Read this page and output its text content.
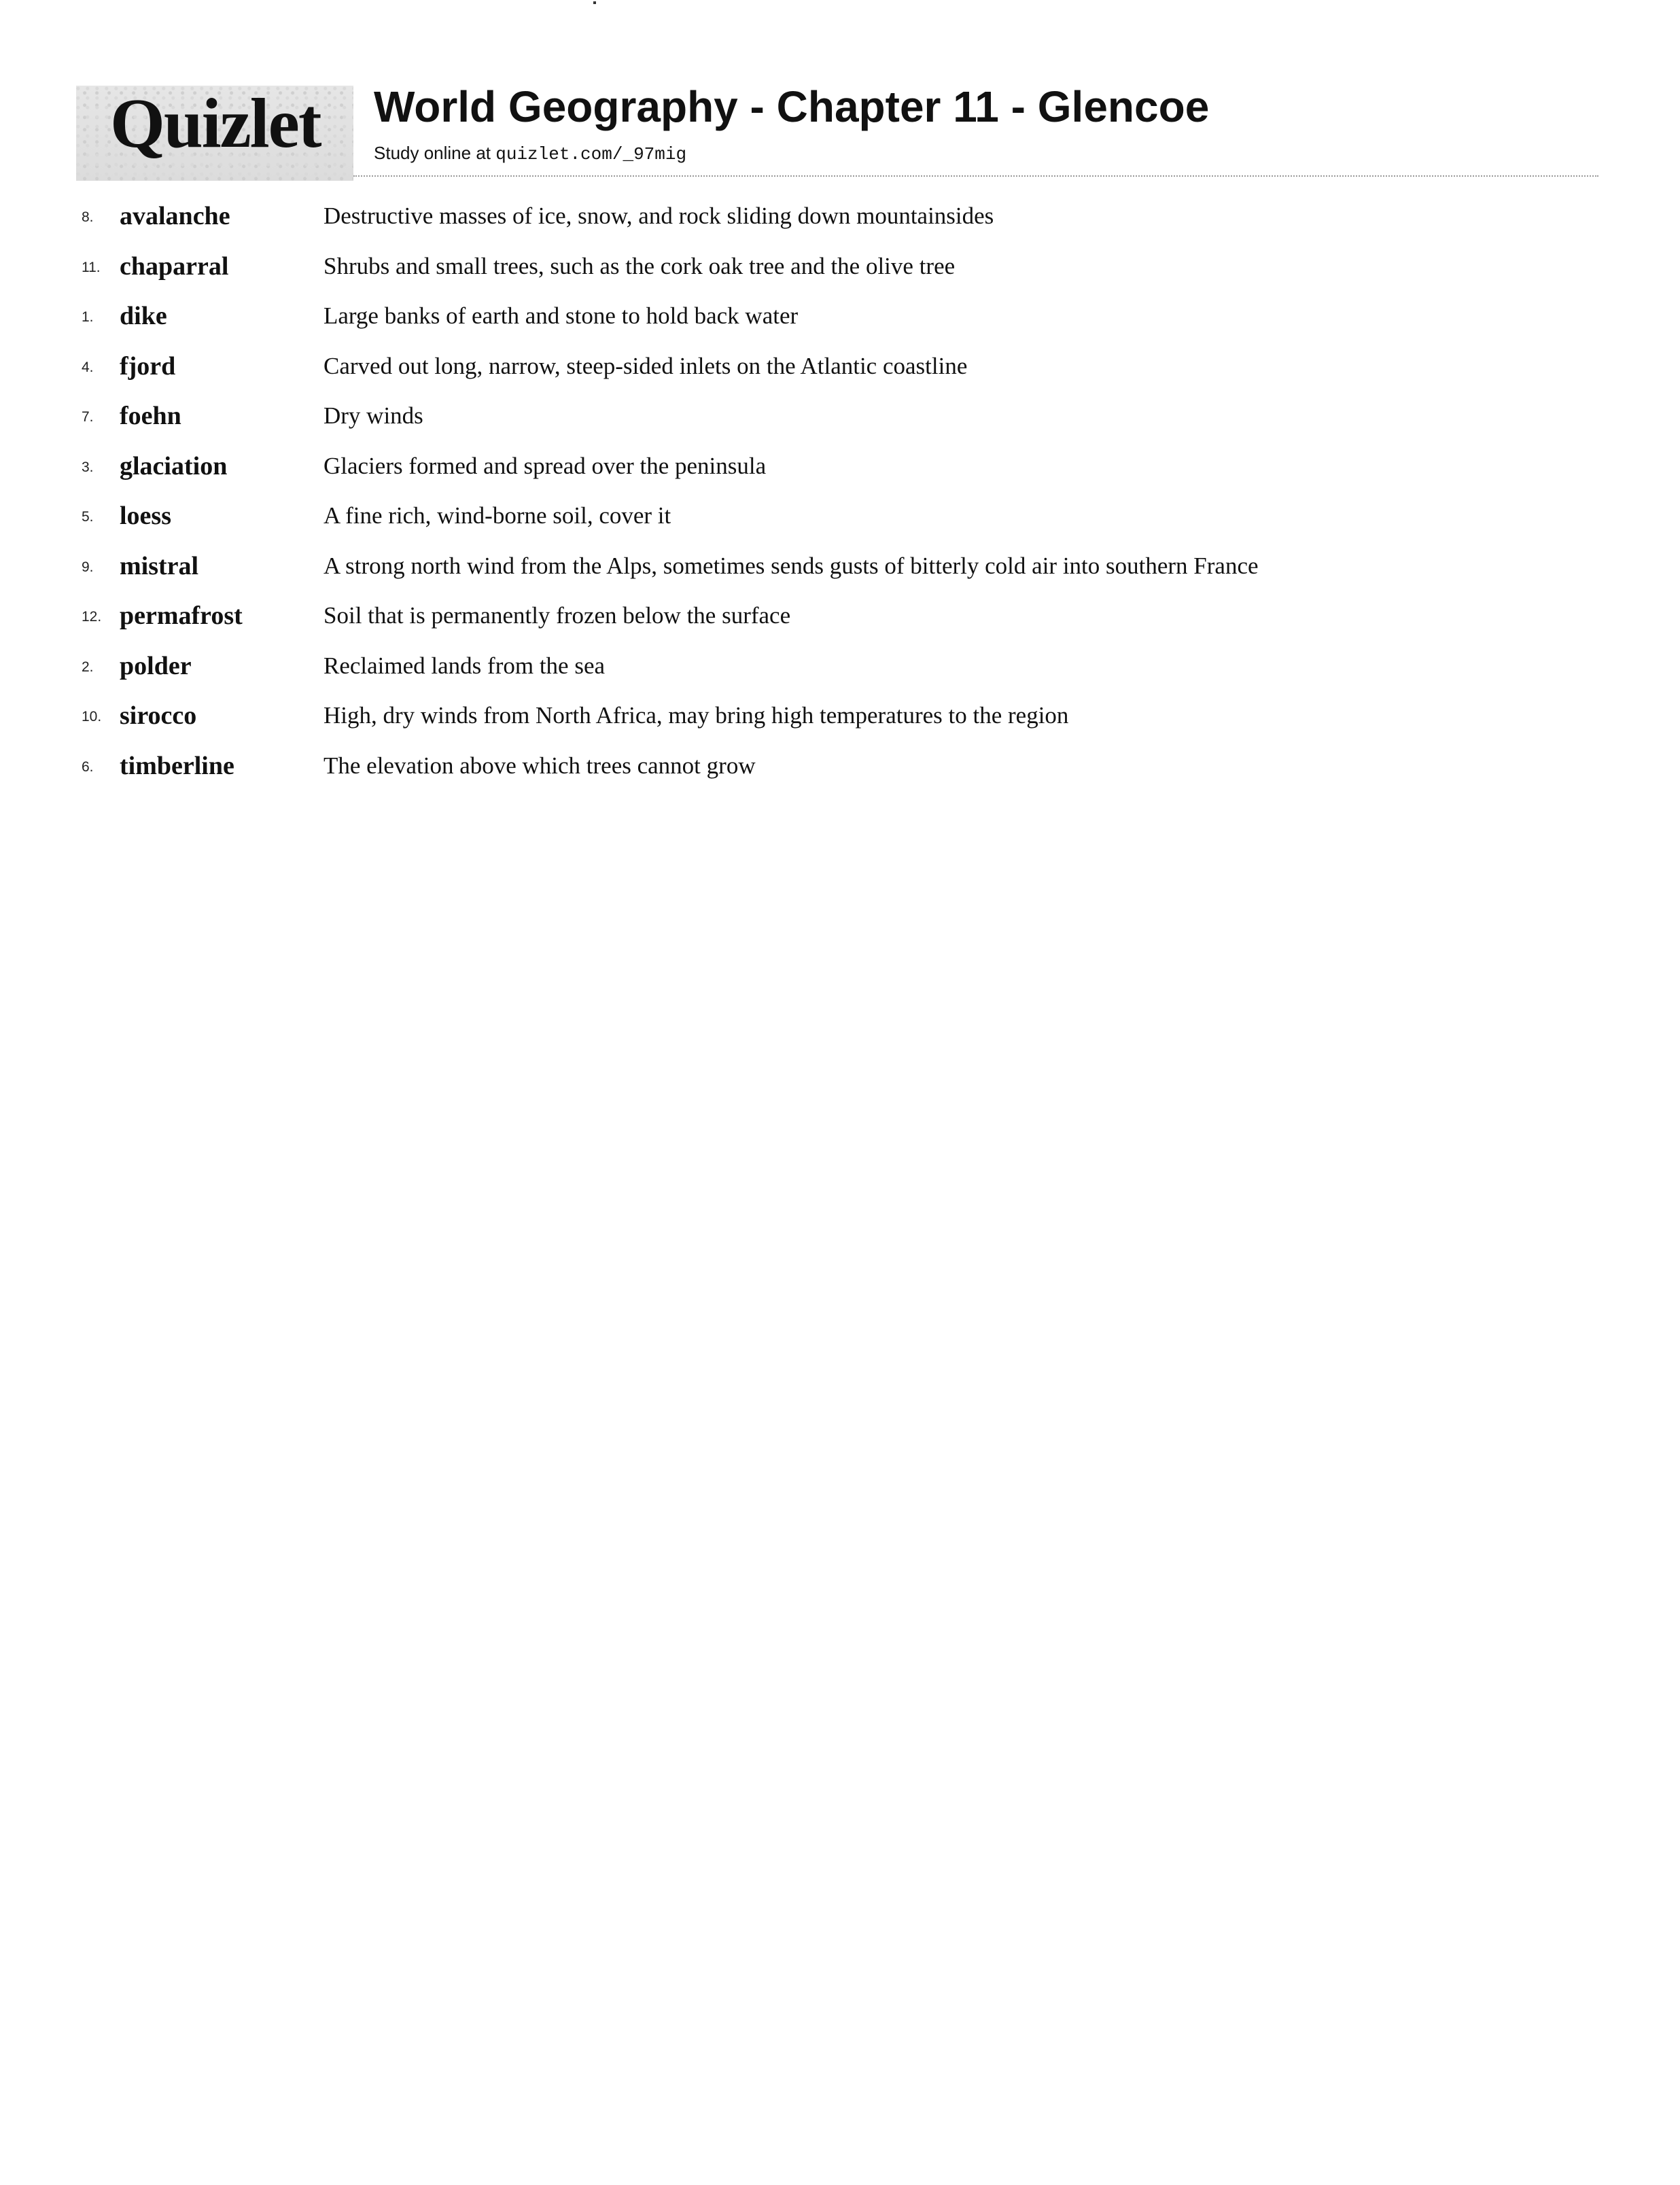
Quizlet World Geography - Chapter 11 - Glencoe
Study online at quizlet.com/_97mig
8.	avalanche	Destructive masses of ice, snow, and rock sliding down mountainsides
11. chaparral	Shrubs and small trees, such as the cork oak tree and the olive tree
1.	dike	Large banks of earth and stone to hold back water
4.	fjord	Carved out long, narrow, steep-sided inlets on the Atlantic coastline
7.	foehn	Dry winds
3.	glaciation	Glaciers formed and spread over the peninsula
5.	loess	A fine rich, wind-borne soil, cover it
9.	mistral	A strong north wind from the Alps, sometimes sends gusts of bitterly cold air into southern France
12. permafrost	Soil that is permanently frozen below the surface
2.	polder	Reclaimed lands from the sea
10. sirocco	High, dry winds from North Africa, may bring high temperatures to the region
6.	timberline	The elevation above which trees cannot grow
